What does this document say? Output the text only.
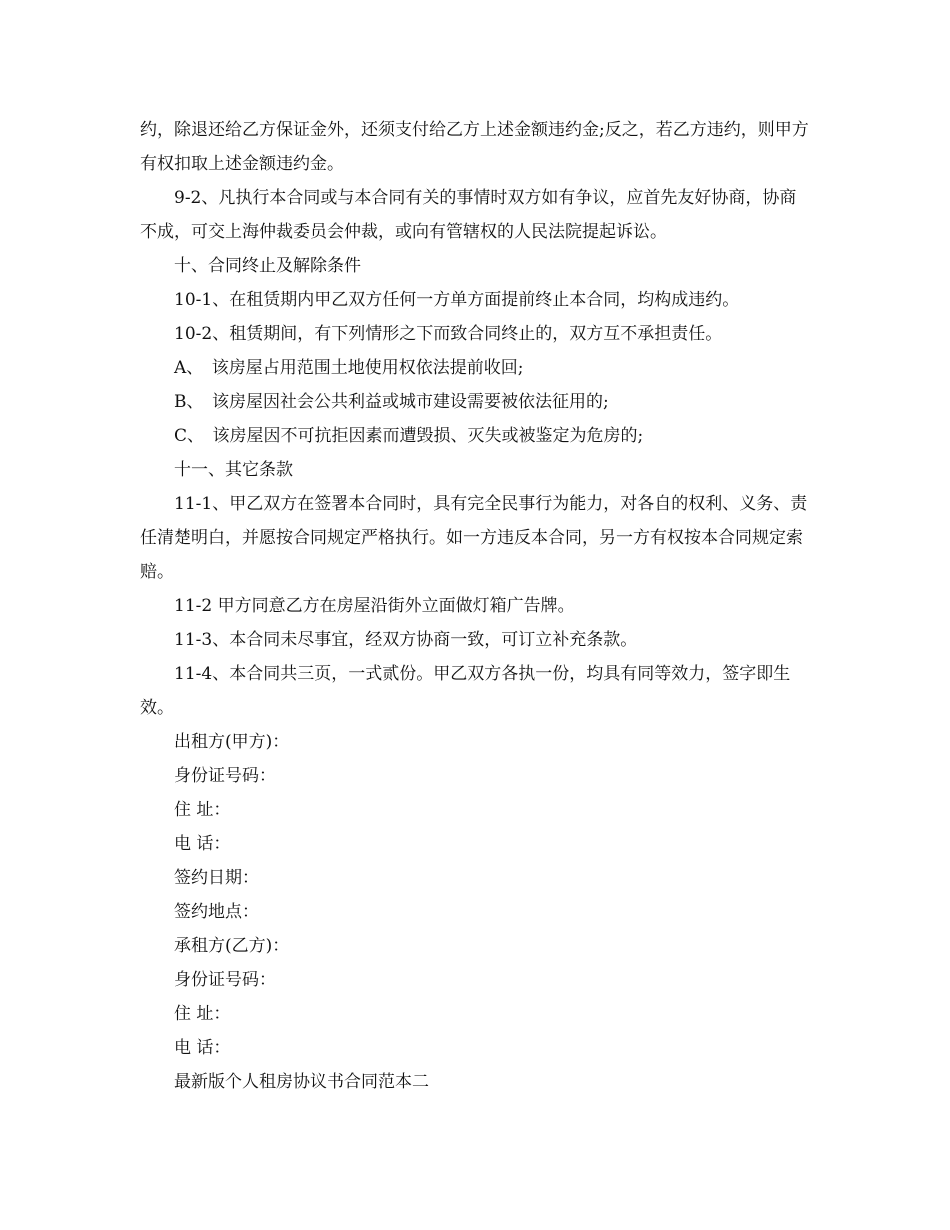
约，除退还给乙方保证金外，还须支付给乙方上述金额违约金;反之，若乙方违约，则甲方有权扣取上述金额违约金。

9-2、凡执行本合同或与本合同有关的事情时双方如有争议，应首先友好协商，协商不成，可交上海仲裁委员会仲裁，或向有管辖权的人民法院提起诉讼。

十、合同终止及解除条件

10-1、在租赁期内甲乙双方任何一方单方面提前终止本合同，均构成违约。

10-2、租赁期间，有下列情形之下而致合同终止的，双方互不承担责任。

A、　该房屋占用范围土地使用权依法提前收回;

B、　该房屋因社会公共利益或城市建设需要被依法征用的;

C、　该房屋因不可抗拒因素而遭毁损、灭失或被鉴定为危房的;

十一、其它条款

11-1、甲乙双方在签署本合同时，具有完全民事行为能力，对各自的权利、义务、责任清楚明白，并愿按合同规定严格执行。如一方违反本合同，另一方有权按本合同规定索赔。

11-2 甲方同意乙方在房屋沿街外立面做灯箱广告牌。

11-3、本合同未尽事宜，经双方协商一致，可订立补充条款。

11-4、本合同共三页，一式贰份。甲乙双方各执一份，均具有同等效力，签字即生效。

出租方(甲方)：

身份证号码：

住 址：

电 话：

签约日期：

签约地点：

承租方(乙方)：

身份证号码：

住 址：

电 话：

最新版个人租房协议书合同范本二
